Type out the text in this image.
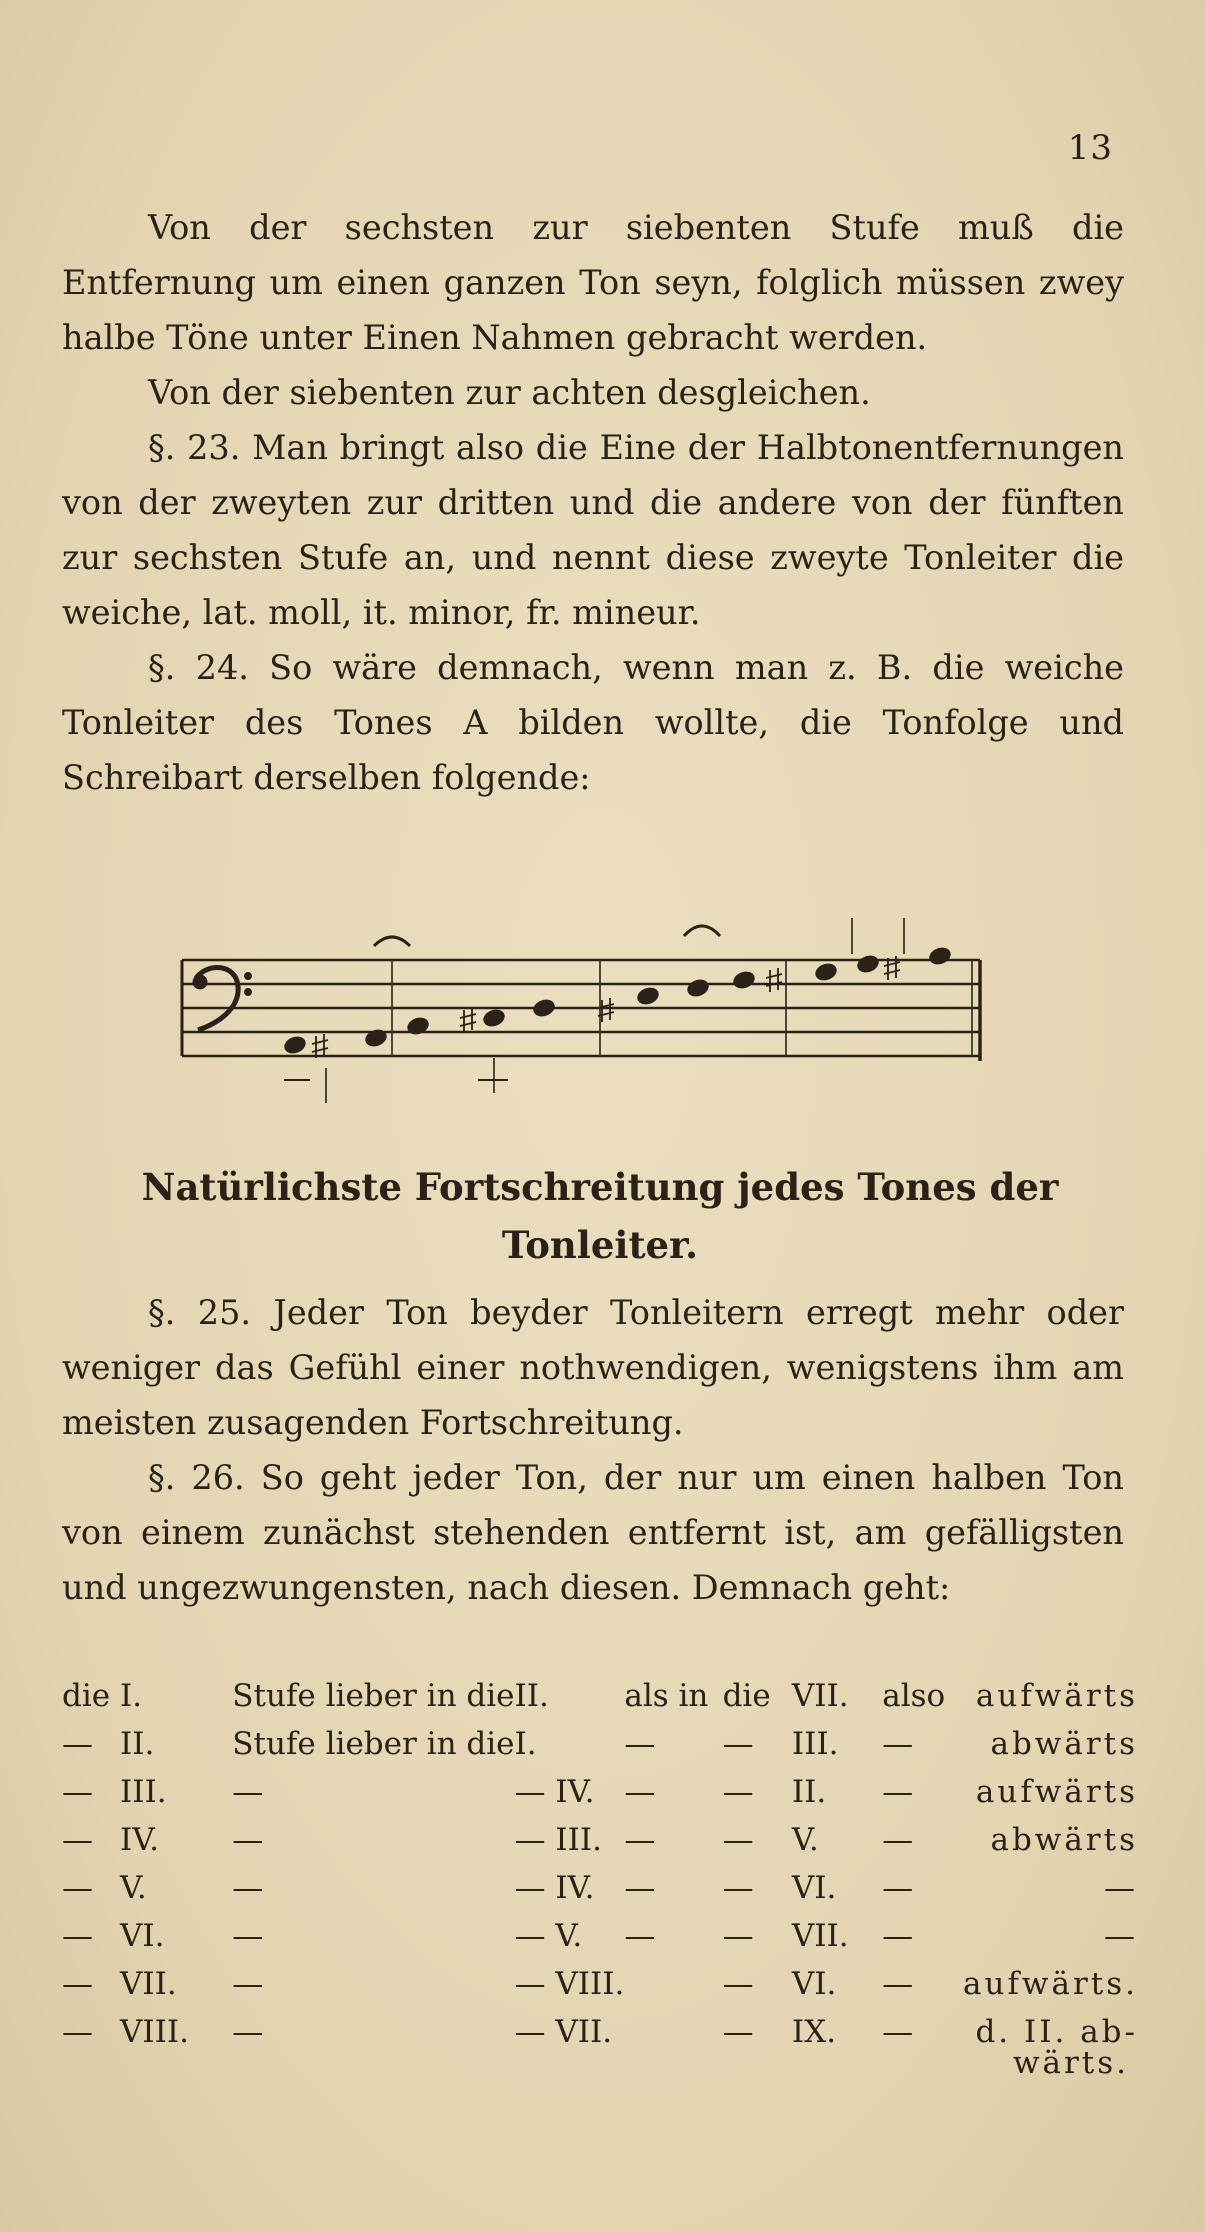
13

Von der sechsten zur siebenten Stufe muß die Entfernung um einen ganzen Ton seyn, folglich müssen zwey halbe Töne unter Einen Nahmen gebracht werden.

Von der siebenten zur achten desgleichen.

§. 23. Man bringt also die Eine der Halbtonentfernungen von der zweyten zur dritten und die andere von der fünften zur sechsten Stufe an, und nennt diese zweyte Tonleiter die weiche, lat. moll, it. minor, fr. mineur.

§. 24. So wäre demnach, wenn man z. B. die weiche Tonleiter des Tones A bilden wollte, die Tonfolge und Schreibart derselben folgende:

Natürlichste Fortschreitung jedes Tones der Tonleiter.

§. 25. Jeder Ton beyder Tonleitern erregt mehr oder weniger das Gefühl einer nothwendigen, wenigstens ihm am meisten zusagenden Fortschreitung.

§. 26. So geht jeder Ton, der nur um einen halben Ton von einem zunächst stehenden entfernt ist, am gefälligsten und ungezwungensten, nach diesen. Demnach geht:

die	I.	Stufe lieber in die	II.	als in	die	VII.	also	aufwärts
—	II.	Stufe lieber in die	I.	—	—	III.	—	abwärts
—	III.	—	— IV.	—	—	II.	—	aufwärts
—	IV.	—	— III.	—	—	V.	—	abwärts
—	V.	—	— IV.	—	—	VI.	—	—
—	VI.	—	— V.	—	—	VII.	—	—
—	VII.	—	— VIII.		—	VI.	—	aufwärts.
—	VIII.	—	— VII.		—	IX.	—	d. II. ab-
wärts.
